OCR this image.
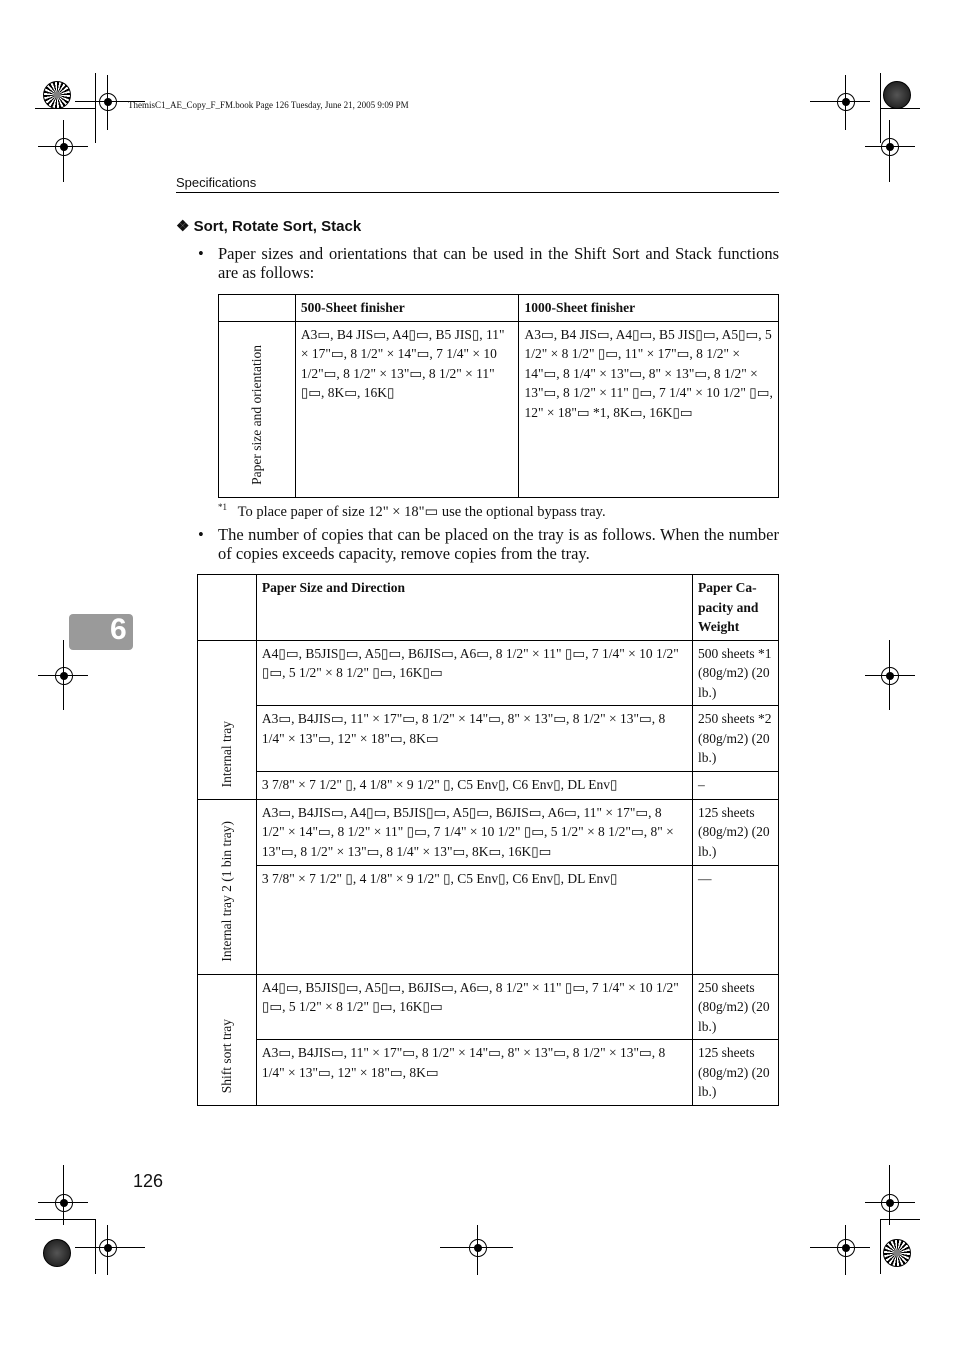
ThemisC1_AE_Copy_F_FM.book Page 126 Tuesday, June 21, 2005 9:09 PM
Specifications
❖ Sort, Rotate Sort, Stack
• Paper sizes and orientations that can be used in the Shift Sort and Stack functions are as follows:
	500-Sheet finisher	1000-Sheet finisher
Paper size and orientation	A3▭, B4 JIS▭, A4▯▭, B5 JIS▯, 11" × 17"▭, 8 1/2" × 14"▭, 7 1/4" × 10 1/2"▭, 8 1/2" × 13"▭, 8 1/2" × 11" ▯▭, 8K▭, 16K▯	A3▭, B4 JIS▭, A4▯▭, B5 JIS▯▭, A5▯▭, 5 1/2" × 8 1/2" ▯▭, 11" × 17"▭, 8 1/2" × 14"▭, 8 1/4" × 13"▭, 8" × 13"▭, 8 1/2" × 13"▭, 8 1/2" × 11" ▯▭, 7 1/4" × 10 1/2" ▯▭, 12" × 18"▭ *1, 8K▭, 16K▯▭
$^{*1}$ To place paper of size 12" × 18"▭ use the optional bypass tray.
• The number of copies that can be placed on the tray is as follows. When the number of copies exceeds capacity, remove copies from the tray.
	Paper Size and Direction	Paper Ca- pacity and Weight
Internal tray	A4▯▭, B5JIS▯▭, A5▯▭, B6JIS▭, A6▭, 8 1/2" × 11" ▯▭, 7 1/4" × 10 1/2" ▯▭, 5 1/2" × 8 1/2" ▯▭, 16K▯▭	500 sheets *1 (80g/m2) (20 lb.)
	A3▭, B4JIS▭, 11" × 17"▭, 8 1/2" × 14"▭, 8" × 13"▭, 8 1/2" × 13"▭, 8 1/4" × 13"▭, 12" × 18"▭, 8K▭	250 sheets *2 (80g/m2) (20 lb.)
	3 7/8" × 7 1/2" ▯, 4 1/8" × 9 1/2" ▯, C5 Env▯, C6 Env▯, DL Env▯	–
Internal tray 2 (1 bin tray)	A3▭, B4JIS▭, A4▯▭, B5JIS▯▭, A5▯▭, B6JIS▭, A6▭, 11" × 17"▭, 8 1/2" × 14"▭, 8 1/2" × 11" ▯▭, 7 1/4" × 10 1/2" ▯▭, 5 1/2" × 8 1/2"▭, 8" × 13"▭, 8 1/2" × 13"▭, 8 1/4" × 13"▭, 8K▭, 16K▯▭	125 sheets (80g/m2) (20 lb.)
	3 7/8" × 7 1/2" ▯, 4 1/8" × 9 1/2" ▯, C5 Env▯, C6 Env▯, DL Env▯	—
Shift sort tray	A4▯▭, B5JIS▯▭, A5▯▭, B6JIS▭, A6▭, 8 1/2" × 11" ▯▭, 7 1/4" × 10 1/2" ▯▭, 5 1/2" × 8 1/2" ▯▭, 16K▯▭	250 sheets (80g/m2) (20 lb.)
	A3▭, B4JIS▭, 11" × 17"▭, 8 1/2" × 14"▭, 8" × 13"▭, 8 1/2" × 13"▭, 8 1/4" × 13"▭, 12" × 18"▭, 8K▭	125 sheets (80g/m2) (20 lb.)
6
126
